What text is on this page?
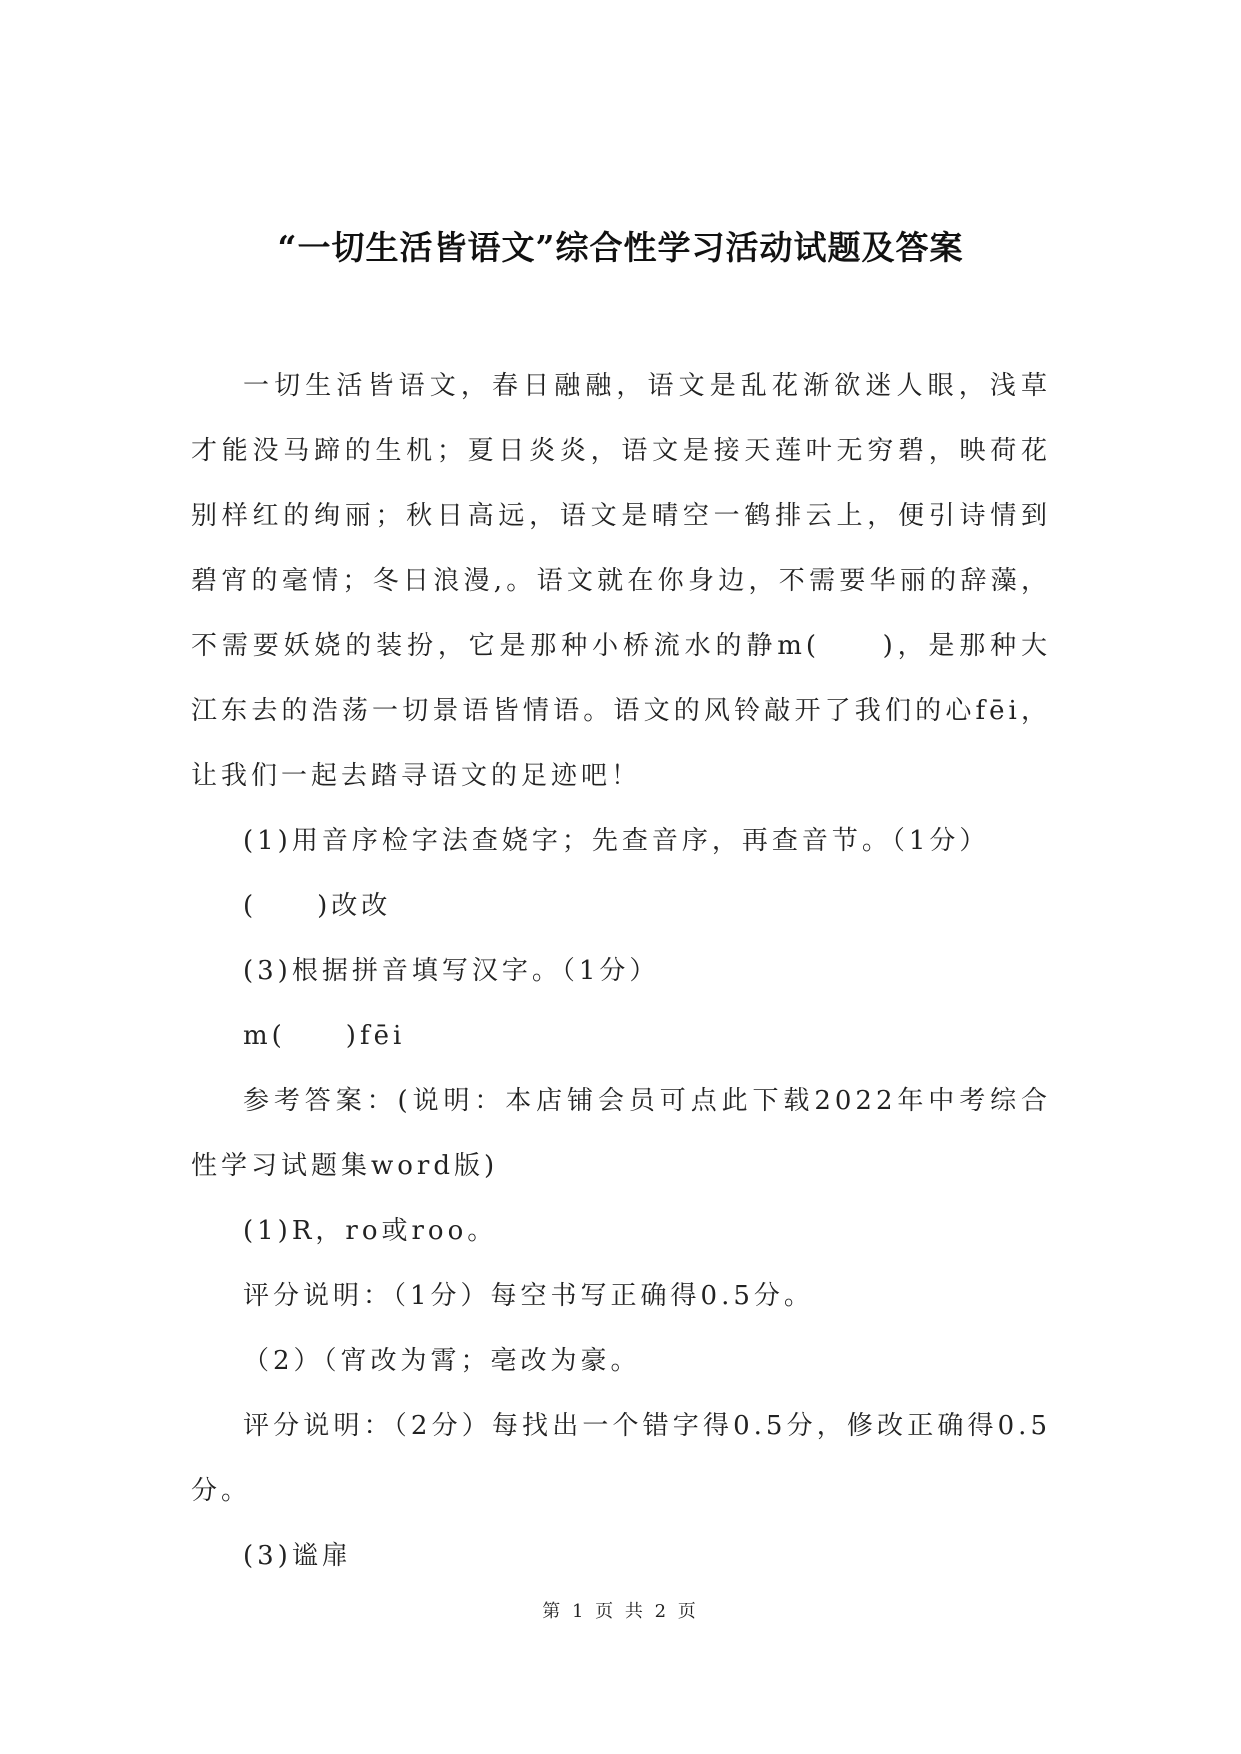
“一切生活皆语文”综合性学习活动试题及答案

一切生活皆语文，春日融融，语文是乱花渐欲迷人眼，浅草才能没马蹄的生机；夏日炎炎，语文是接天莲叶无穷碧，映荷花别样红的绚丽；秋日高远，语文是晴空一鹤排云上，便引诗情到碧宵的毫情；冬日浪漫,。语文就在你身边，不需要华丽的辞藻，不需要妖娆的装扮，它是那种小桥流水的静m(　　)，是那种大江东去的浩荡一切景语皆情语。语文的风铃敲开了我们的心fēi，让我们一起去踏寻语文的足迹吧！

(1)用音序检字法查娆字；先查音序，再查音节。（1分）

(　　)改改

(3)根据拼音填写汉字。（1分）

m(　　)fēi

参考答案：(说明：本店铺会员可点此下载2022年中考综合性学习试题集word版)

(1)R，ro或roo。

评分说明：（1分）每空书写正确得0.5分。

（2）（宵改为霄；亳改为豪。

评分说明：（2分）每找出一个错字得0.5分，修改正确得0.5分。

(3)谧扉

第 1 页 共 2 页
